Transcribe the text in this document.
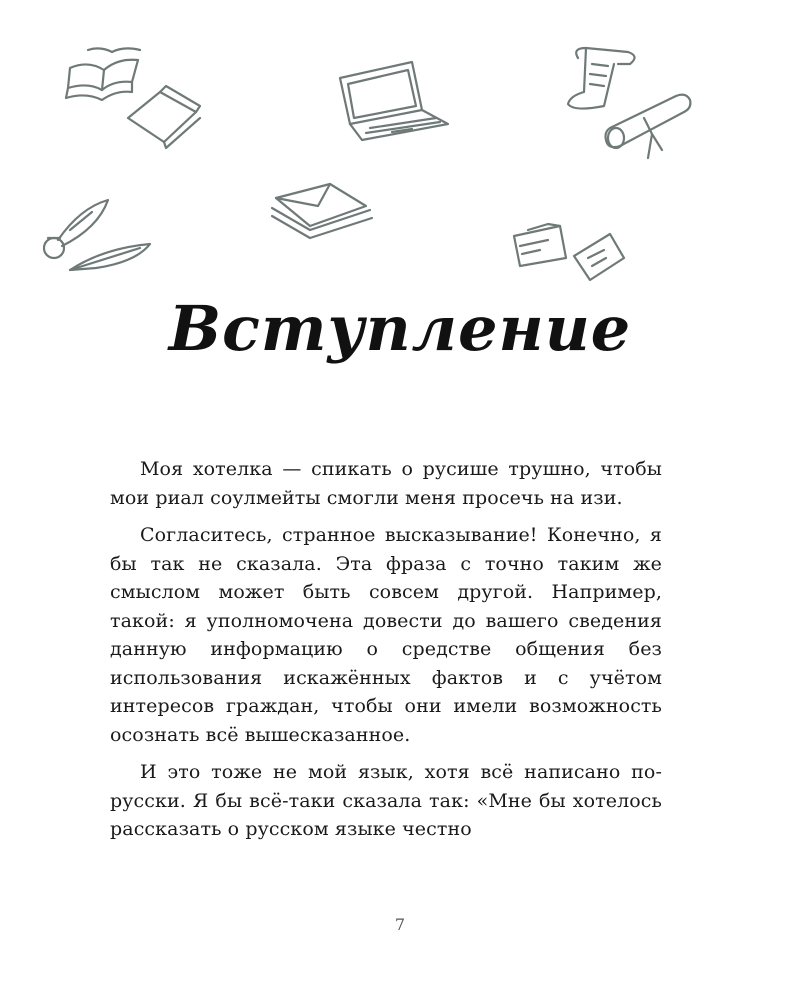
Вступление

Моя хотелка — спикать о русише трушно, чтобы мои риал соулмейты смогли меня просечь на изи.

Согласитесь, странное высказывание! Конечно, я бы так не сказала. Эта фраза с точно таким же смыслом может быть совсем другой. Например, такой: я уполномочена довести до вашего сведения данную информацию о средстве общения без использования искажённых фактов и с учётом интересов граждан, чтобы они имели возможность осознать всё вышесказанное.

И это тоже не мой язык, хотя всё написано по-русски. Я бы всё-таки сказала так: «Мне бы хотелось рассказать о русском языке честно

7
